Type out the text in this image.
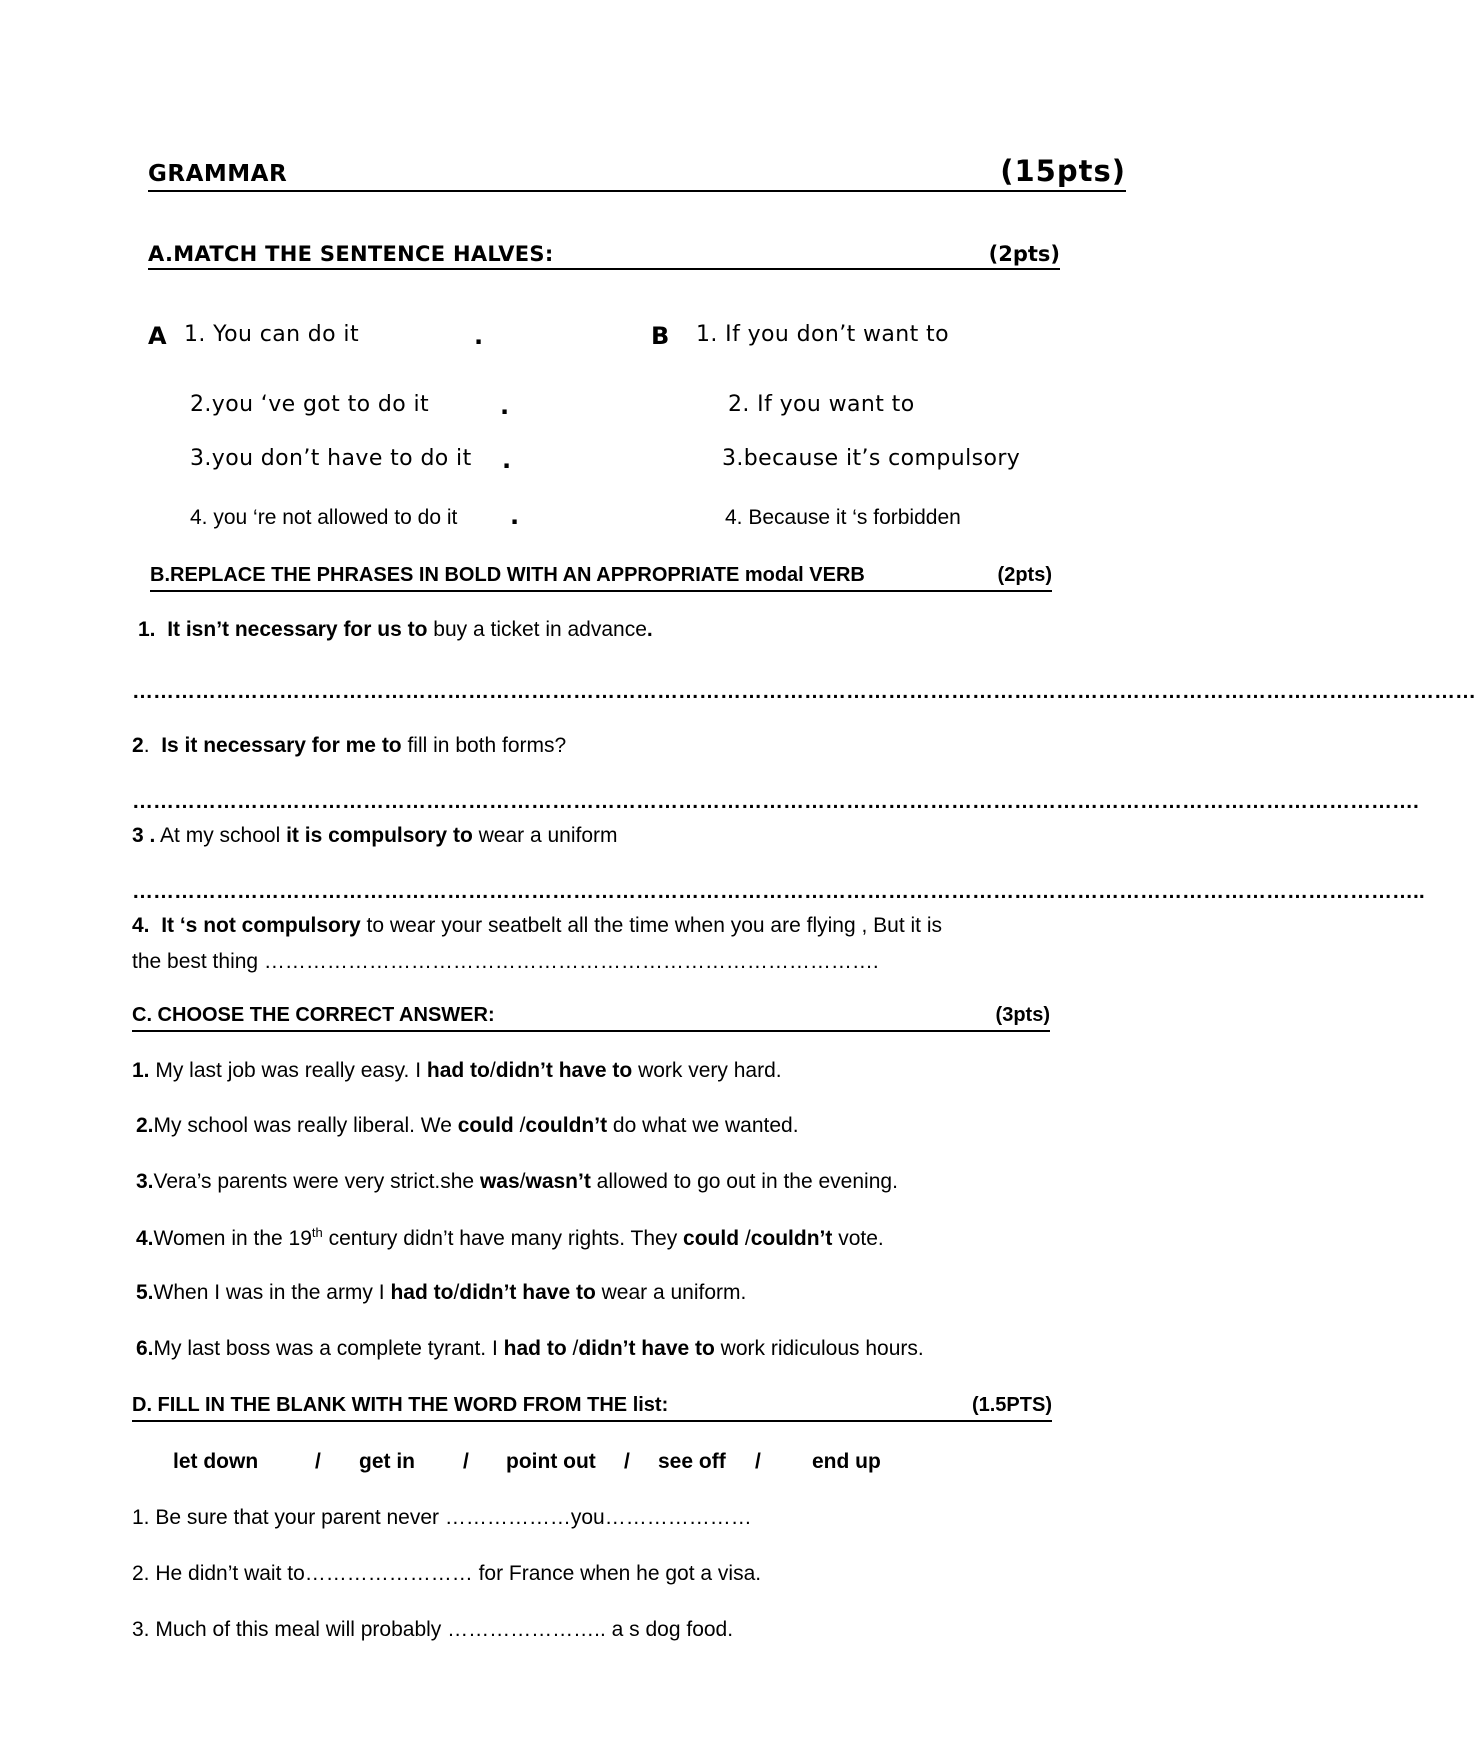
GRAMMAR	(15pts)
A.MATCH THE SENTENCE HALVES:	(2pts)
A 1. You can do it	.	B 1. If you don’t want to
2.you ‘ve got to do it	.	2. If you want to
3.you don’t have to do it .	3.because it’s compulsory
4. you ‘re not allowed to do it .	4. Because it ‘s forbidden
B.REPLACE THE PHRASES IN BOLD WITH AN APPROPRIATE modal VERB	(2pts)
1. It isn’t necessary for us to buy a ticket in advance.
…………………………………………………………………………………………………………………………………………………………………………
2. Is it necessary for me to fill in both forms?
………………………………………………………………………………………………………………………………………………………………….
3 . At my school it is compulsory to wear a uniform
…………………………………………………………………………………………………………………………………………………………………..
4. It ‘s not compulsory to wear your seatbelt all the time when you are flying , But it is
the best thing …………………………………………………………………………….
C. CHOOSE THE CORRECT ANSWER:	(3pts)
1. My last job was really easy. I had to/didn’t have to work very hard.
2.My school was really liberal. We could /couldn’t do what we wanted.
3.Vera’s parents were very strict.she was/wasn’t allowed to go out in the evening.
4.Women in the 19th century didn’t have many rights. They could /couldn’t vote.
5.When I was in the army I had to/didn’t have to wear a uniform.
6.My last boss was a complete tyrant. I had to /didn’t have to work ridiculous hours.
D. FILL IN THE BLANK WITH THE WORD FROM THE list:	(1.5PTS)
let down	/ get in / point out / see off / end up
1. Be sure that your parent never ………………you…………………
2. He didn’t wait to…………………… for France when he got a visa.
3. Much of this meal will probably ………………….. a s dog food.
